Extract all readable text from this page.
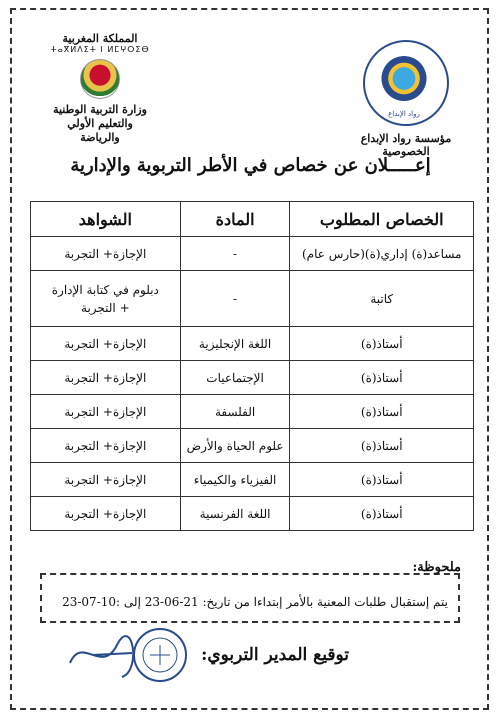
المملكة المغربية
ⵜⴰⴳⵍⴷⵉⵜ ⵏ ⵍⵎⵖⵔⵉⴱ
وزارة التربية الوطنية
والتعليم الأولي
والرياضة
رواد الإبداع
مؤسسة رواد الإبداع الخصوصية
إعـــــلان عن خصاص في الأطر التربوية والإدارية
الخصاص المطلوب	المادة	الشواهد
مساعد(ة) إداري(ة)(حارس عام)	-	الإجازة+ التجربة
كاتبة	-	دبلوم في كتابة الإدارة
+ التجربة

أستاذ(ة)	اللغة الإنجليزية	الإجازة+ التجربة
أستاذ(ة)	الإجتماعيات	الإجازة+ التجربة
أستاذ(ة)	الفلسفة	الإجازة+ التجربة
أستاذ(ة)	علوم الحياة والأرض	الإجازة+ التجربة
أستاذ(ة)	الفيزياء والكيمياء	الإجازة+ التجربة
أستاذ(ة)	اللغة الفرنسية	الإجازة+ التجربة
يتم إستقبال طلبات المعنية بالأمر إبتداءا من تاريخ: 21-06-23 إلى :10-07-23
ملحوظة:
توقيع المدير التربوي:
